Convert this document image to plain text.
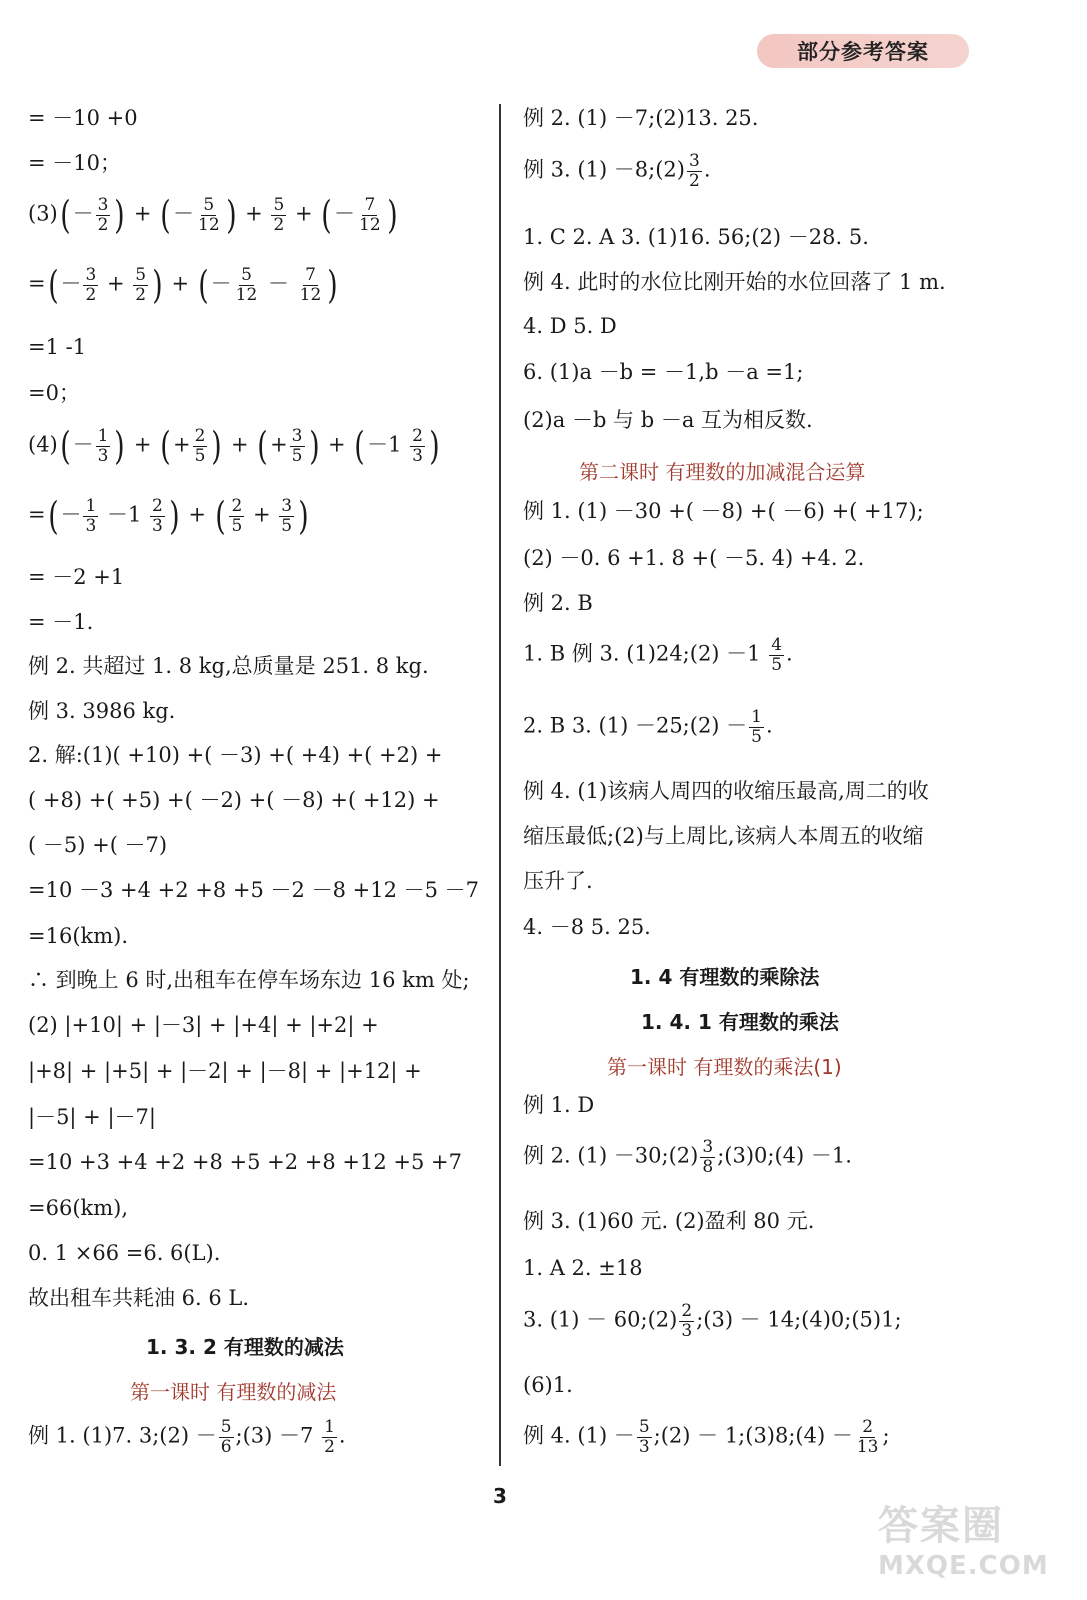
部分参考答案
= －10 +0
= －10；
$(3)( - \frac{3}{2}$ ) + ( － $\frac{5}{12}$ ) + $\frac{5}{2}$ + ( － $\frac{7}{12}$ )
=( － $\frac{3}{2} + \frac{5}{2}$ ) + ( － $\frac{5}{12} - \frac{7}{12}$ )
=1 -1
=0；
$(4)( - \frac{1}{3}$ ) + ( + $\frac{2}{5}$ ) + ( + $\frac{3}{5}$ ) + ( $-1 \frac{2}{3}$ )
=( － $\frac{1}{3} -1 \frac{2}{3}$ ) + ( $\frac{2}{5} + \frac{3}{5}$ )
= －2 +1
= －1.
例 2. 共超过 1. 8 kg,总质量是 251. 8 kg.
例 3. 3986 kg.
2. 解:(1)( +10) +( －3) +( +4) +( +2) +
( +8) +( +5) +( －2) +( －8) +( +12) +
( －5) +( －7)
=10 －3 +4 +2 +8 +5 －2 －8 +12 －5 －7
=16(km).
∴ 到晚上 6 时,出租车在停车场东边 16 km 处;
(2) |+10| + |－3| + |+4| + |+2| +
|+8| + |+5| + |－2| + |－8| + |+12| +
|－5| + |－7|
=10 +3 +4 +2 +8 +5 +2 +8 +12 +5 +7
=66(km),
0. 1 ×66 =6. 6(L).
故出租车共耗油 6. 6 L.
1. 3. 2 有理数的减法
第一课时 有理数的减法
例 1. (1)7. 3;(2) － $\frac{5}{6}$ ;(3) $-7 \frac{1}{2}$ .
例 2. (1) －7;(2)13. 25.
例 3. (1) －8;(2) $\frac{3}{2}$ .
1. C 2. A 3. (1)16. 56;(2) －28. 5.
例 4. 此时的水位比刚开始的水位回落了 1 m.
4. D 5. D
6. (1)a －b = －1,b －a =1;
(2)a －b 与 b －a 互为相反数.
第二课时 有理数的加减混合运算
例 1. (1) －30 +( －8) +( －6) +( +17);
(2) －0. 6 +1. 8 +( －5. 4) +4. 2.
例 2. B
1. B 例 3. (1)24;(2) $-1 \frac{4}{5}$ .
2. B 3. (1) －25;(2) － $\frac{1}{5}$ .
例 4. (1)该病人周四的收缩压最高,周二的收
缩压最低;(2)与上周比,该病人本周五的收缩
压升了.
4. －8 5. 25.
1. 4 有理数的乘除法
1. 4. 1 有理数的乘法
第一课时 有理数的乘法(1)
例 1. D
例 2. (1) －30;(2) $\frac{3}{8}$ ;(3)0;(4) －1.
例 3. (1)60 元. (2)盈利 80 元.
1. A 2. ±18
3. (1) － 60;(2) $\frac{2}{3}$ ;(3) － 14;(4)0;(5)1;
(6)1.
例 4. $(1) - \frac{5}{3}$ ;(2) － 1;(3)8;(4) － $\frac{2}{13}$ ;
3
答案圈
MXQE.COM
